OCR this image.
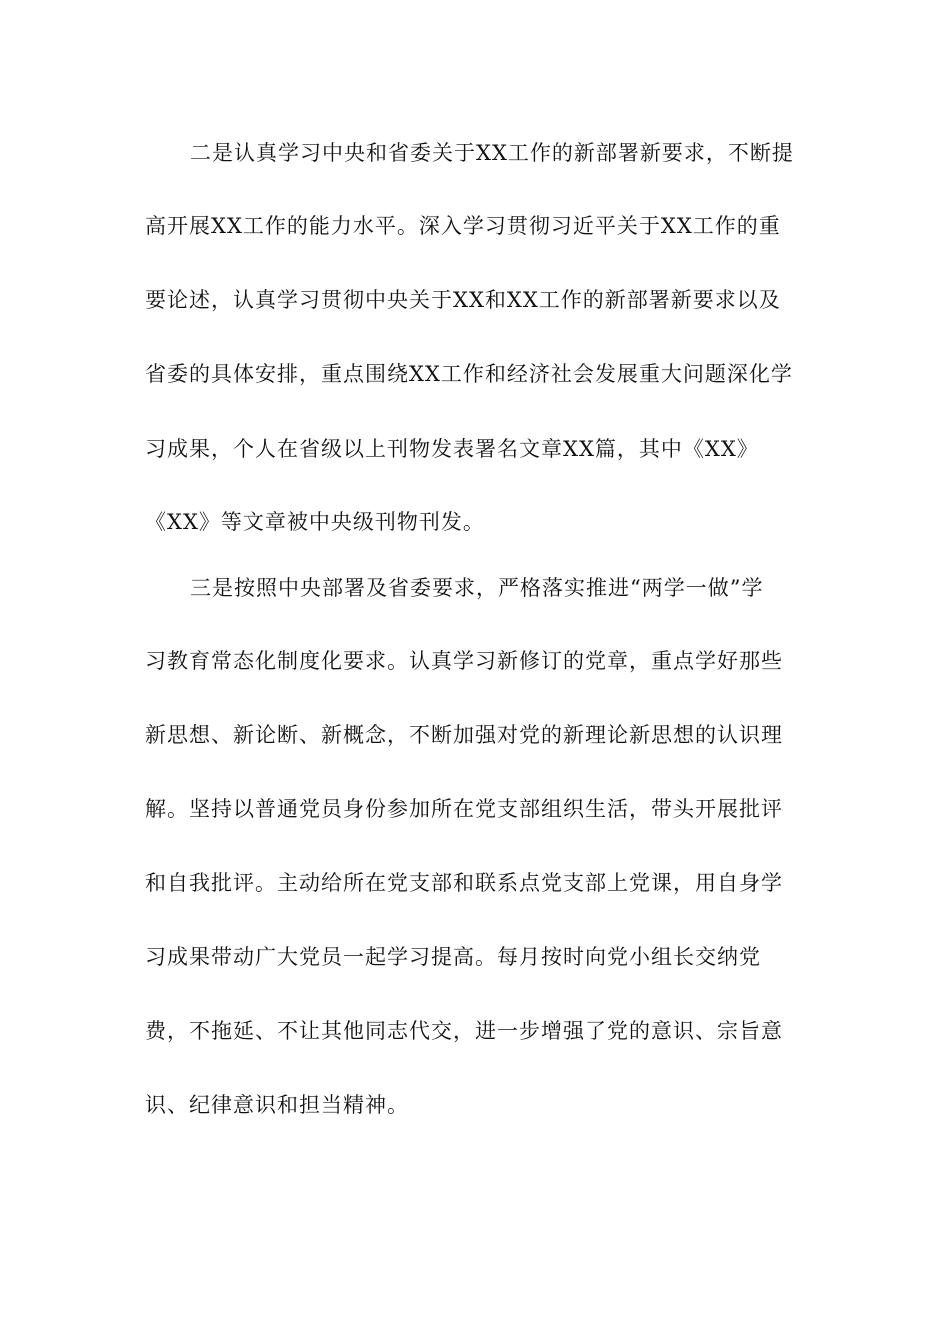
二是认真学习中央和省委关于XX工作的新部署新要求，不断提
高开展XX工作的能力水平。深入学习贯彻习近平关于XX工作的重
要论述，认真学习贯彻中央关于XX和XX工作的新部署新要求以及
省委的具体安排，重点围绕XX工作和经济社会发展重大问题深化学
习成果，个人在省级以上刊物发表署名文章XX篇，其中《XX》
《XX》等文章被中央级刊物刊发。
三是按照中央部署及省委要求，严格落实推进“两学一做”学
习教育常态化制度化要求。认真学习新修订的党章，重点学好那些
新思想、新论断、新概念，不断加强对党的新理论新思想的认识理
解。坚持以普通党员身份参加所在党支部组织生活，带头开展批评
和自我批评。主动给所在党支部和联系点党支部上党课，用自身学
习成果带动广大党员一起学习提高。每月按时向党小组长交纳党
费，不拖延、不让其他同志代交，进一步增强了党的意识、宗旨意
识、纪律意识和担当精神。
